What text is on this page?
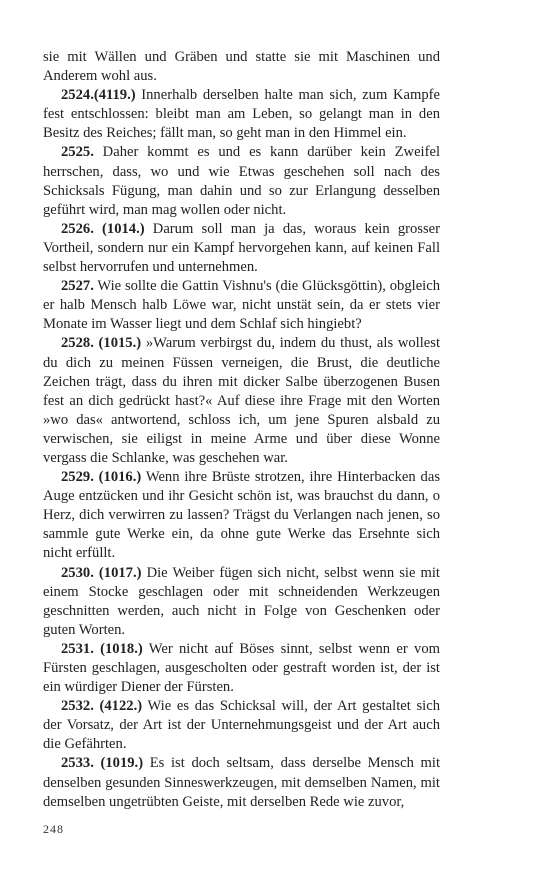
sie mit Wällen und Gräben und statte sie mit Maschinen und Anderem wohl aus.

2524.(4119.) Innerhalb derselben halte man sich, zum Kampfe fest entschlossen: bleibt man am Leben, so gelangt man in den Besitz des Reiches; fällt man, so geht man in den Himmel ein.

2525. Daher kommt es und es kann darüber kein Zweifel herrschen, dass, wo und wie Etwas geschehen soll nach des Schicksals Fügung, man dahin und so zur Erlangung desselben geführt wird, man mag wollen oder nicht.

2526. (1014.) Darum soll man ja das, woraus kein grosser Vortheil, sondern nur ein Kampf hervorgehen kann, auf keinen Fall selbst hervorrufen und unternehmen.

2527. Wie sollte die Gattin Vishnu's (die Glücksgöttin), obgleich er halb Mensch halb Löwe war, nicht unstät sein, da er stets vier Monate im Wasser liegt und dem Schlaf sich hingiebt?

2528. (1015.) »Warum verbirgst du, indem du thust, als wollest du dich zu meinen Füssen verneigen, die Brust, die deutliche Zeichen trägt, dass du ihren mit dicker Salbe überzogenen Busen fest an dich gedrückt hast?« Auf diese ihre Frage mit den Worten »wo das« antwortend, schloss ich, um jene Spuren alsbald zu verwischen, sie eiligst in meine Arme und über diese Wonne vergass die Schlanke, was geschehen war.

2529. (1016.) Wenn ihre Brüste strotzen, ihre Hinterbacken das Auge entzücken und ihr Gesicht schön ist, was brauchst du dann, o Herz, dich verwirren zu lassen? Trägst du Verlangen nach jenen, so sammle gute Werke ein, da ohne gute Werke das Ersehnte sich nicht erfüllt.

2530. (1017.) Die Weiber fügen sich nicht, selbst wenn sie mit einem Stocke geschlagen oder mit schneidenden Werkzeugen geschnitten werden, auch nicht in Folge von Geschenken oder guten Worten.

2531. (1018.) Wer nicht auf Böses sinnt, selbst wenn er vom Fürsten geschlagen, ausgescholten oder gestraft worden ist, der ist ein würdiger Diener der Fürsten.

2532. (4122.) Wie es das Schicksal will, der Art gestaltet sich der Vorsatz, der Art ist der Unternehmungsgeist und der Art auch die Gefährten.

2533. (1019.) Es ist doch seltsam, dass derselbe Mensch mit denselben gesunden Sinneswerkzeugen, mit demselben Namen, mit demselben ungetrübten Geiste, mit derselben Rede wie zuvor,

248
